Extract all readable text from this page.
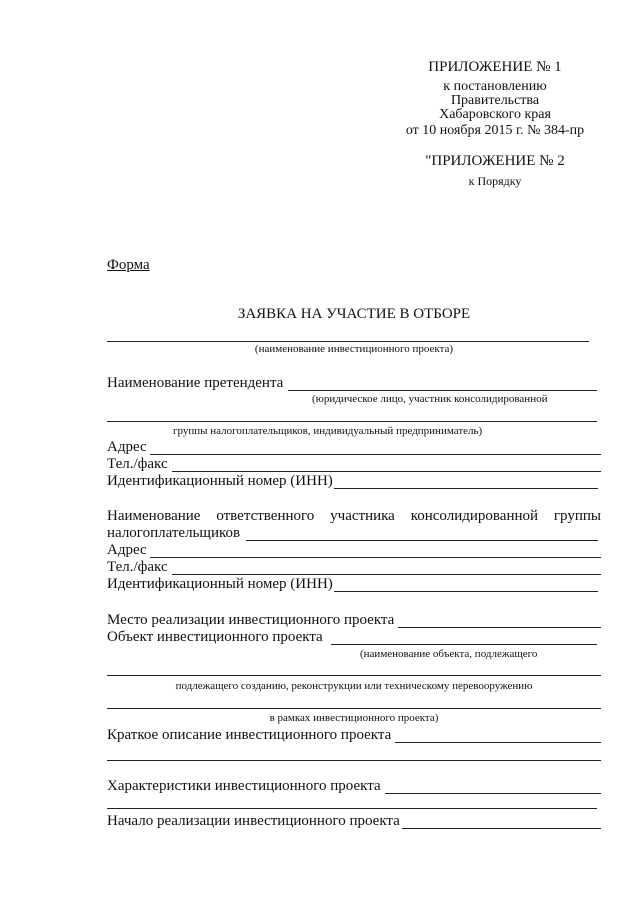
ПРИЛОЖЕНИЕ № 1
к постановлению
Правительства
Хабаровского края
от 10 ноября 2015 г. № 384-пр
"ПРИЛОЖЕНИЕ № 2
к Порядку
Форма
ЗАЯВКА НА УЧАСТИЕ В ОТБОРЕ
(наименование инвестиционного проекта)
Наименование претендента
(юридическое лицо, участник консолидированной
группы налогоплательщиков, индивидуальный предприниматель)
Адрес
Тел./факс
Идентификационный номер (ИНН)
Наименование ответственного участника консолидированной группы
налогоплательщиков
Адрес
Тел./факс
Идентификационный номер (ИНН)
Место реализации инвестиционного проекта
Объект инвестиционного проекта
(наименование объекта, подлежащего
подлежащего созданию, реконструкции или техническому перевооружению
в рамках инвестиционного проекта)
Краткое описание инвестиционного проекта
Характеристики инвестиционного проекта
Начало реализации инвестиционного проекта
